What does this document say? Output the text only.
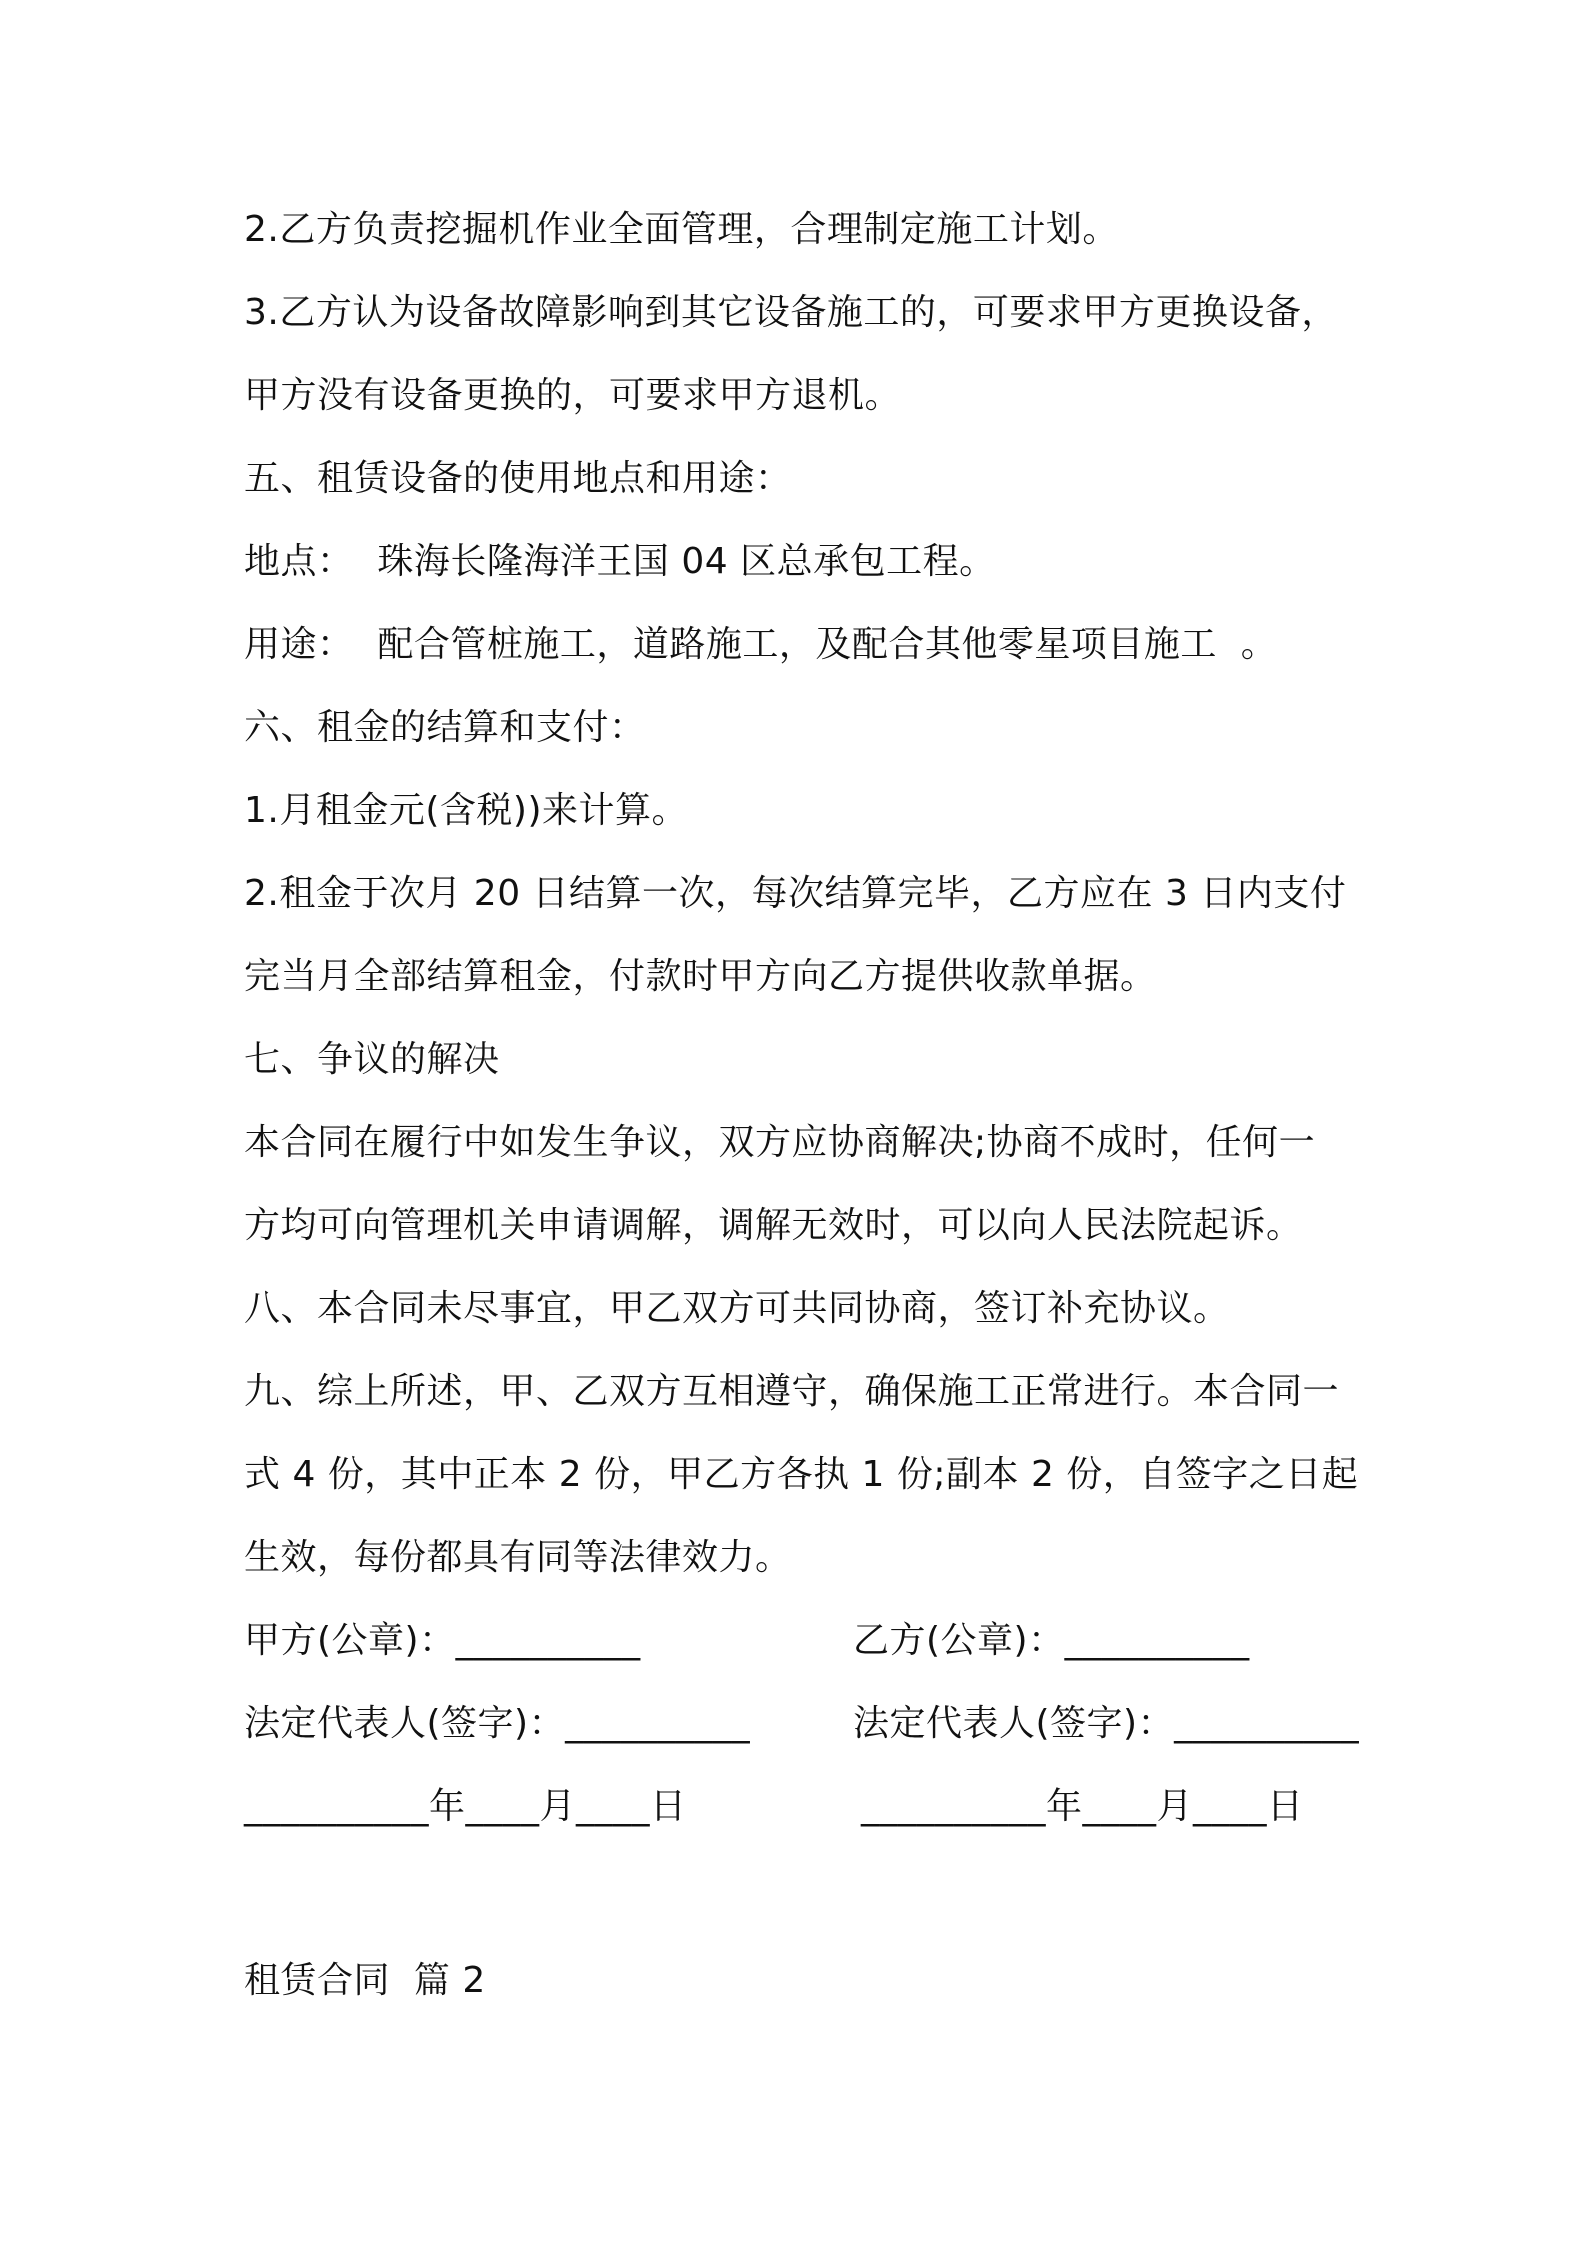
2.乙方负责挖掘机作业全面管理，合理制定施工计划。
3.乙方认为设备故障影响到其它设备施工的，可要求甲方更换设备，
甲方没有设备更换的，可要求甲方退机。
五、租赁设备的使用地点和用途：
地点：  珠海长隆海洋王国 04 区总承包工程。
用途：  配合管桩施工，道路施工，及配合其他零星项目施工  。
六、租金的结算和支付：
1.月租金元(含税))来计算。
2.租金于次月 20 日结算一次，每次结算完毕，乙方应在 3 日内支付
完当月全部结算租金，付款时甲方向乙方提供收款单据。
七、争议的解决
本合同在履行中如发生争议，双方应协商解决;协商不成时，任何一
方均可向管理机关申请调解，调解无效时，可以向人民法院起诉。
八、本合同未尽事宜，甲乙双方可共同协商，签订补充协议。
九、综上所述，甲、乙双方互相遵守，确保施工正常进行。本合同一
式 4 份，其中正本 2 份，甲乙方各执 1 份;副本 2 份，自签字之日起
生效，每份都具有同等法律效力。
甲方(公章)：__________	乙方(公章)：__________
法定代表人(签字)：__________	法定代表人(签字)：__________
__________年____月____日	__________年____月____日
租赁合同  篇 2
